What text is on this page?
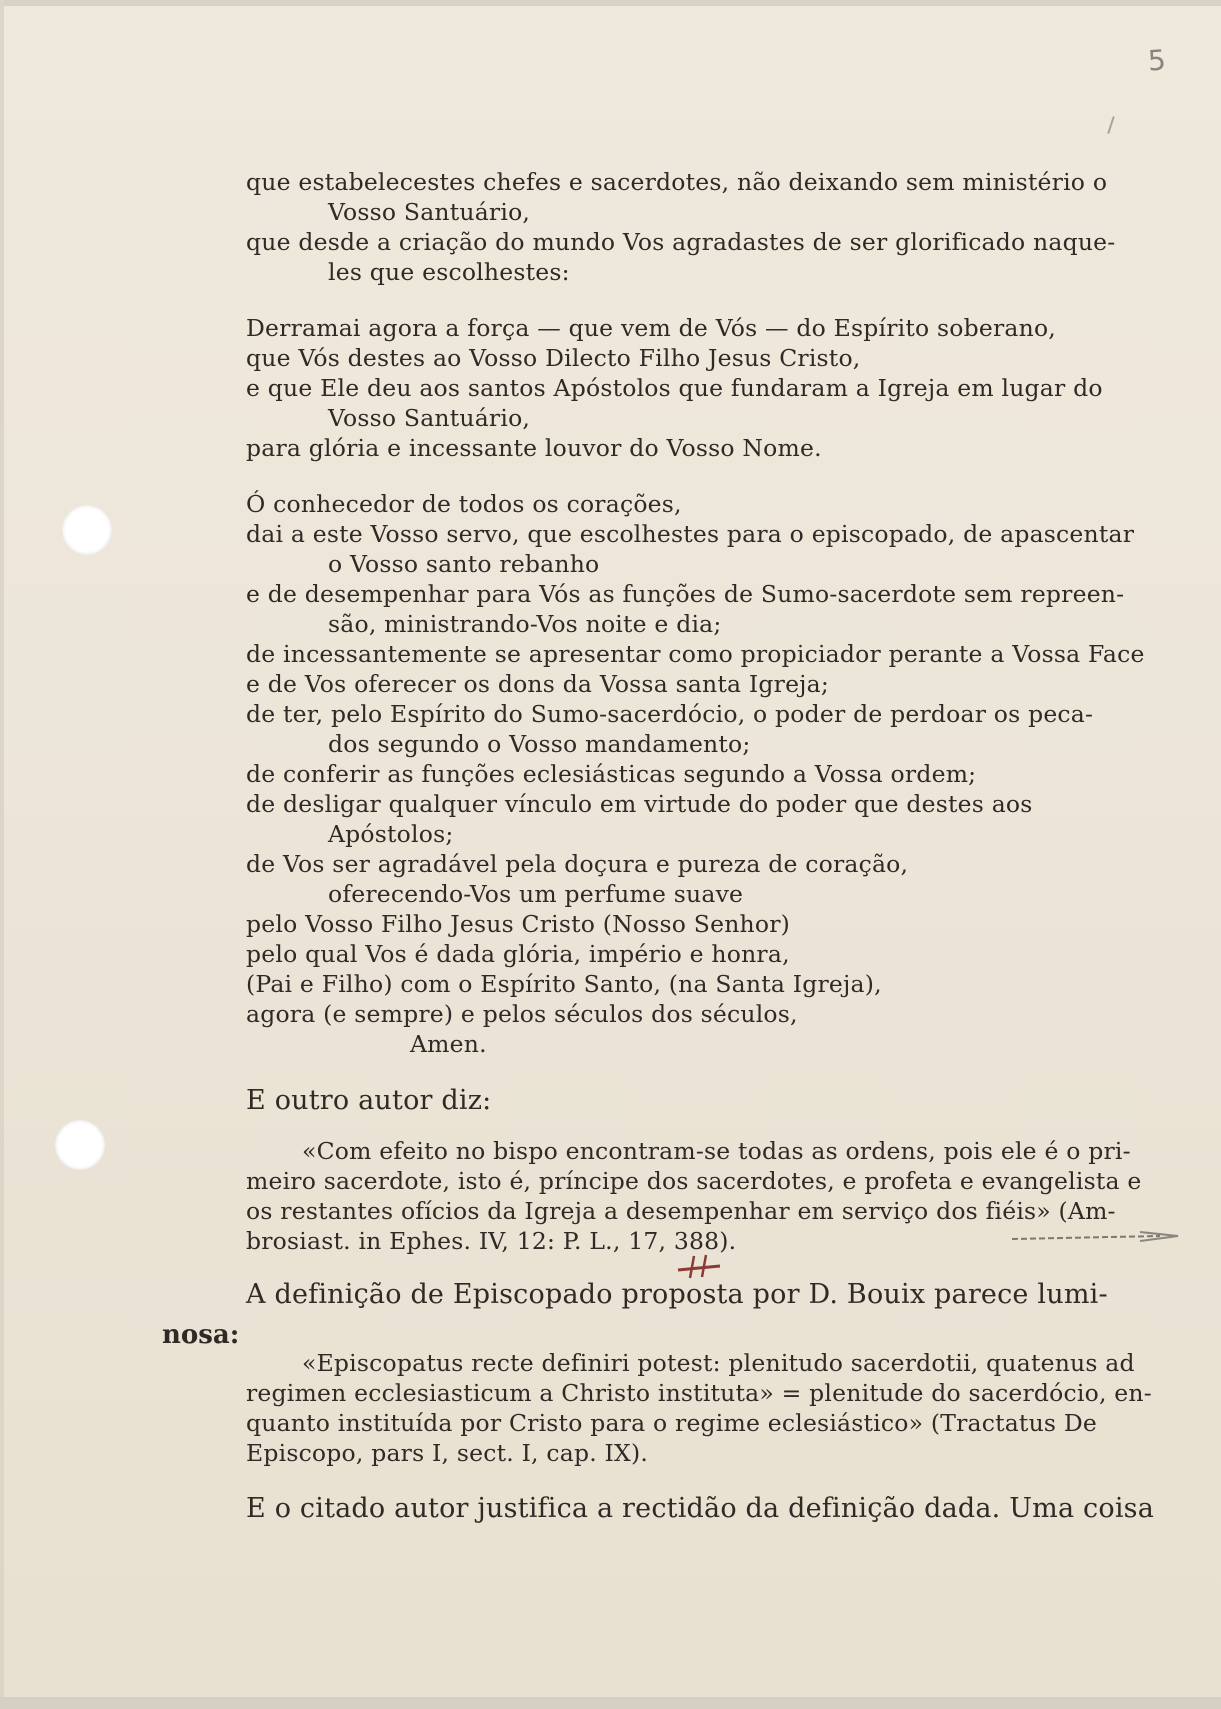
5
que estabelecestes chefes e sacerdotes, não deixando sem ministério o
Vosso Santuário,
que desde a criação do mundo Vos agradastes de ser glorificado naque-
les que escolhestes:
Derramai agora a força — que vem de Vós — do Espírito soberano,
que Vós destes ao Vosso Dilecto Filho Jesus Cristo,
e que Ele deu aos santos Apóstolos que fundaram a Igreja em lugar do
Vosso Santuário,
para glória e incessante louvor do Vosso Nome.
Ó conhecedor de todos os corações,
dai a este Vosso servo, que escolhestes para o episcopado, de apascentar
o Vosso santo rebanho
e de desempenhar para Vós as funções de Sumo-sacerdote sem repreen-
são, ministrando-Vos noite e dia;
de incessantemente se apresentar como propiciador perante a Vossa Face
e de Vos oferecer os dons da Vossa santa Igreja;
de ter, pelo Espírito do Sumo-sacerdócio, o poder de perdoar os peca-
dos segundo o Vosso mandamento;
de conferir as funções eclesiásticas segundo a Vossa ordem;
de desligar qualquer vínculo em virtude do poder que destes aos
Apóstolos;
de Vos ser agradável pela doçura e pureza de coração,
oferecendo-Vos um perfume suave
pelo Vosso Filho Jesus Cristo (Nosso Senhor)
pelo qual Vos é dada glória, império e honra,
(Pai e Filho) com o Espírito Santo, (na Santa Igreja),
agora (e sempre) e pelos séculos dos séculos,
Amen.
E outro autor diz:
«Com efeito no bispo encontram-se todas as ordens, pois ele é o pri-
meiro sacerdote, isto é, príncipe dos sacerdotes, e profeta e evangelista e
os restantes ofícios da Igreja a desempenhar em serviço dos fiéis» (Am-
brosiast. in Ephes. IV, 12: P. L., 17, 388).
A definição de Episcopado proposta por D. Bouix parece lumi-
nosa:
«Episcopatus recte definiri potest: plenitudo sacerdotii, quatenus ad
regimen ecclesiasticum a Christo instituta» = plenitude do sacerdócio, en-
quanto instituída por Cristo para o regime eclesiástico» (Tractatus De
Episcopo, pars I, sect. I, cap. IX).
E o citado autor justifica a rectidão da definição dada. Uma coisa
